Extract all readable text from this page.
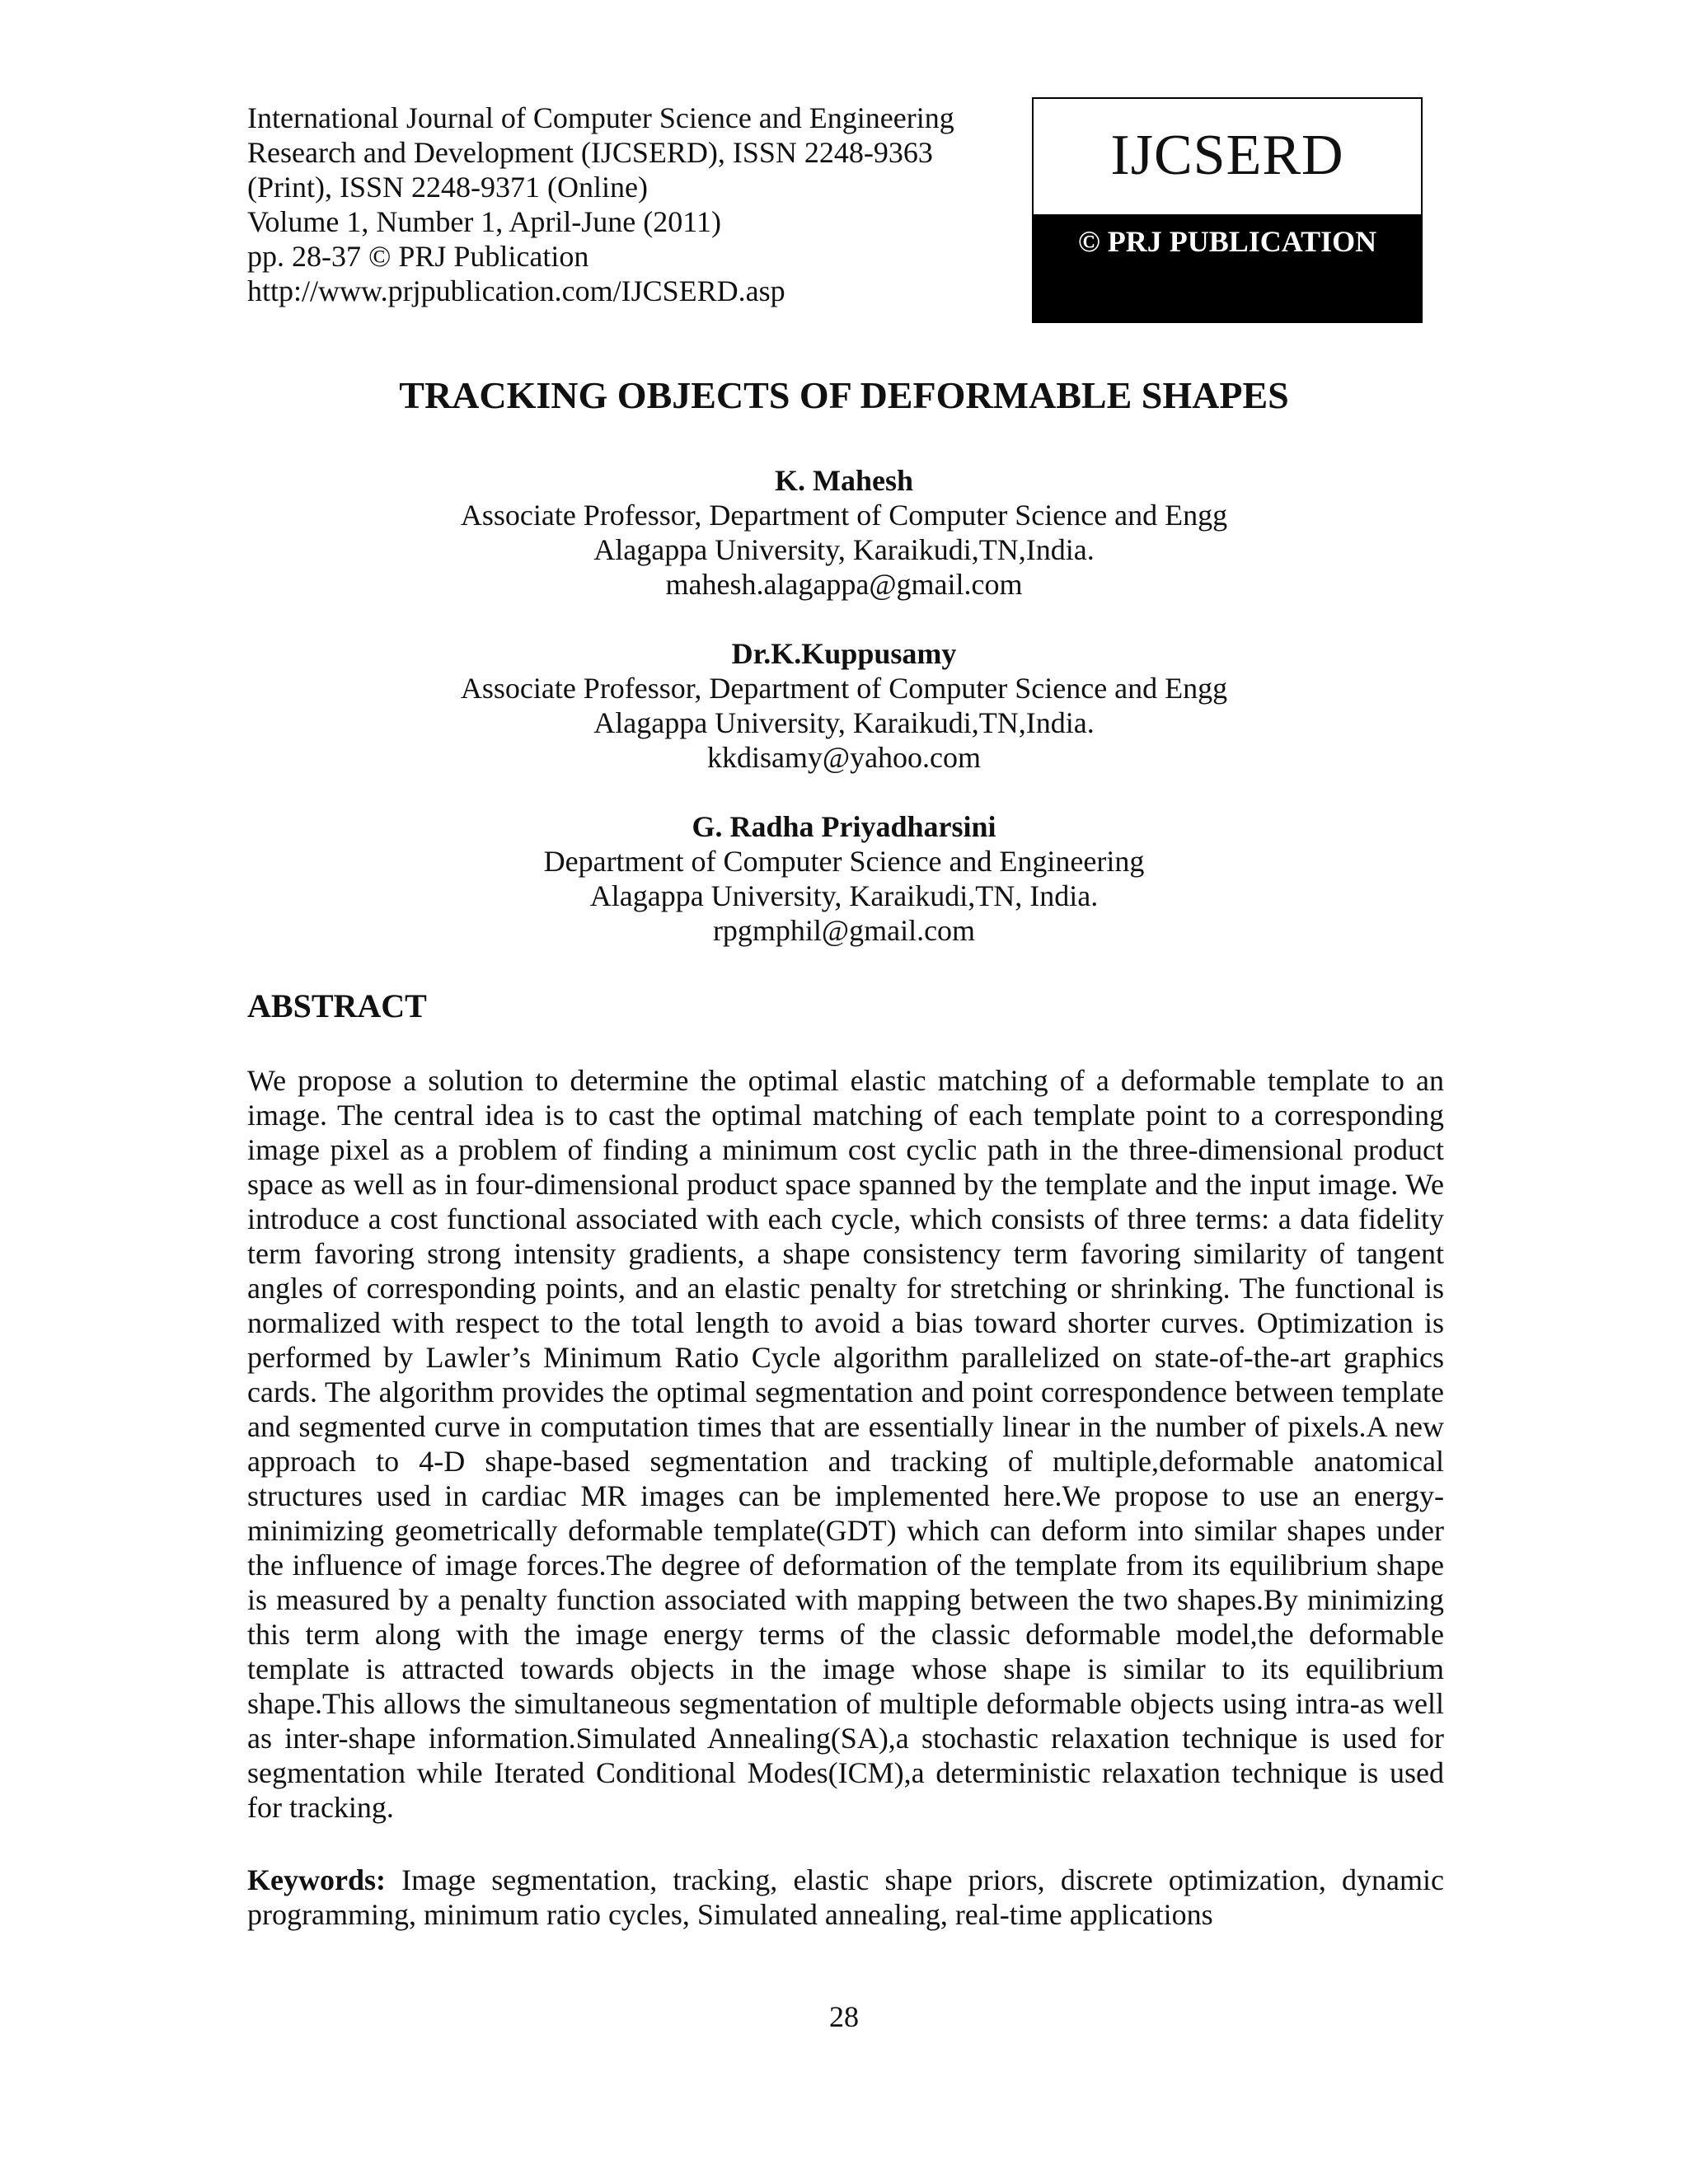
International Journal of Computer Science and Engineering
Research and Development (IJCSERD), ISSN 2248-9363
(Print), ISSN 2248-9371 (Online)
Volume 1, Number 1, April-June (2011)
pp. 28-37 © PRJ Publication
http://www.prjpublication.com/IJCSERD.asp
IJCSERD
© PRJ PUBLICATION
TRACKING OBJECTS OF DEFORMABLE SHAPES
K. Mahesh
Associate Professor, Department of Computer Science and Engg
Alagappa University, Karaikudi,TN,India.
mahesh.alagappa@gmail.com
Dr.K.Kuppusamy
Associate Professor, Department of Computer Science and Engg
Alagappa University, Karaikudi,TN,India.
kkdisamy@yahoo.com
G. Radha Priyadharsini
Department of Computer Science and Engineering
Alagappa University, Karaikudi,TN, India.
rpgmphil@gmail.com
ABSTRACT
We propose a solution to determine the optimal elastic matching of a deformable template to an image. The central idea is to cast the optimal matching of each template point to a corresponding image pixel as a problem of finding a minimum cost cyclic path in the three-dimensional product space as well as in four-dimensional product space spanned by the template and the input image. We introduce a cost functional associated with each cycle, which consists of three terms: a data fidelity term favoring strong intensity gradients, a shape consistency term favoring similarity of tangent angles of corresponding points, and an elastic penalty for stretching or shrinking. The functional is normalized with respect to the total length to avoid a bias toward shorter curves. Optimization is performed by Lawler’s Minimum Ratio Cycle algorithm parallelized on state-of-the-art graphics cards. The algorithm provides the optimal segmentation and point correspondence between template and segmented curve in computation times that are essentially linear in the number of pixels.A new approach to 4-D shape-based segmentation and tracking of multiple,deformable anatomical structures used in cardiac MR images can be implemented here.We propose to use an energy-minimizing geometrically deformable template(GDT) which can deform into similar shapes under the influence of image forces.The degree of deformation of the template from its equilibrium shape is measured by a penalty function associated with mapping between the two shapes.By minimizing this term along with the image energy terms of the classic deformable model,the deformable template is attracted towards objects in the image whose shape is similar to its equilibrium shape.This allows the simultaneous segmentation of multiple deformable objects using intra-as well as inter-shape information.Simulated Annealing(SA),a stochastic relaxation technique is used for segmentation while Iterated Conditional Modes(ICM),a deterministic relaxation technique is used for tracking.
Keywords: Image segmentation, tracking, elastic shape priors, discrete optimization, dynamic programming, minimum ratio cycles, Simulated annealing, real-time applications
28
